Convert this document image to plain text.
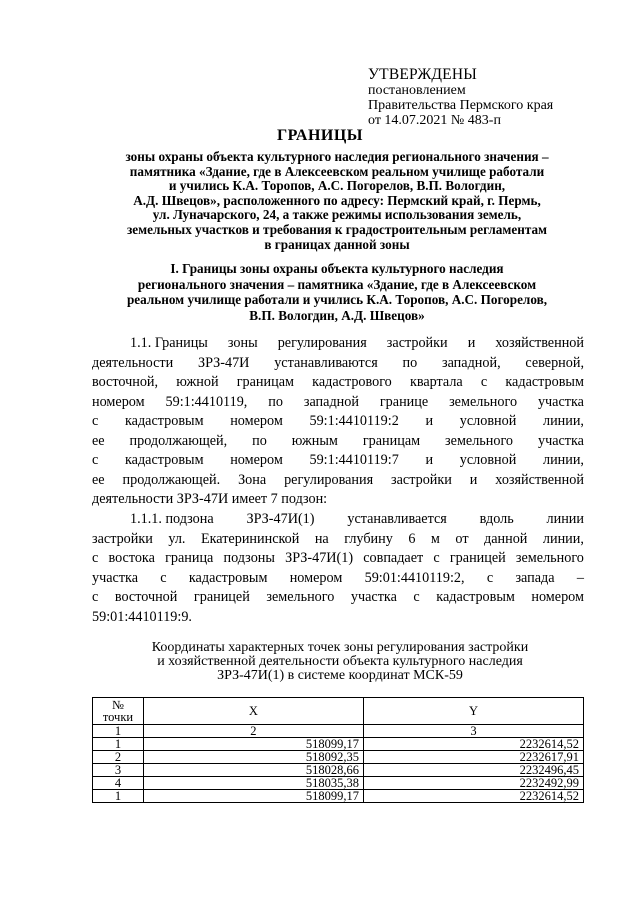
УТВЕРЖДЕНЫ
постановлением
Правительства Пермского края
от 14.07.2021 № 483-п
ГРАНИЦЫ
зоны охраны объекта культурного наследия регионального значения –
памятника «Здание, где в Алексеевском реальном училище работали
и учились К.А. Торопов, А.С. Погорелов, В.П. Вологдин,
А.Д. Швецов», расположенного по адресу: Пермский край, г. Пермь,
ул. Луначарского, 24, а также режимы использования земель,
земельных участков и требования к градостроительным регламентам
в границах данной зоны
I. Границы зоны охраны объекта культурного наследия
регионального значения – памятника «Здание, где в Алексеевском
реальном училище работали и учились К.А. Торопов, А.С. Погорелов,
В.П. Вологдин, А.Д. Швецов»
1.1. Границы зоны регулирования застройки и хозяйственной
деятельности ЗРЗ-47И устанавливаются по западной, северной,
восточной, южной границам кадастрового квартала с кадастровым
номером 59:1:4410119, по западной границе земельного участка
с кадастровым номером 59:1:4410119:2 и условной линии,
ее продолжающей, по южным границам земельного участка
с кадастровым номером 59:1:4410119:7 и условной линии,
ее продолжающей. Зона регулирования застройки и хозяйственной
деятельности ЗРЗ-47И имеет 7 подзон:
1.1.1. подзона ЗРЗ-47И(1) устанавливается вдоль линии
застройки ул. Екатерининской на глубину 6 м от данной линии,
с востока граница подзоны ЗРЗ-47И(1) совпадает с границей земельного
участка с кадастровым номером 59:01:4410119:2, с запада –
с восточной границей земельного участка с кадастровым номером
59:01:4410119:9.
Координаты характерных точек зоны регулирования застройки
и хозяйственной деятельности объекта культурного наследия
ЗРЗ-47И(1) в системе координат МСК-59
№
точки	X	Y
1	2	3
1	518099,17	2232614,52
2	518092,35	2232617,91
3	518028,66	2232496,45
4	518035,38	2232492,99
1	518099,17	2232614,52
